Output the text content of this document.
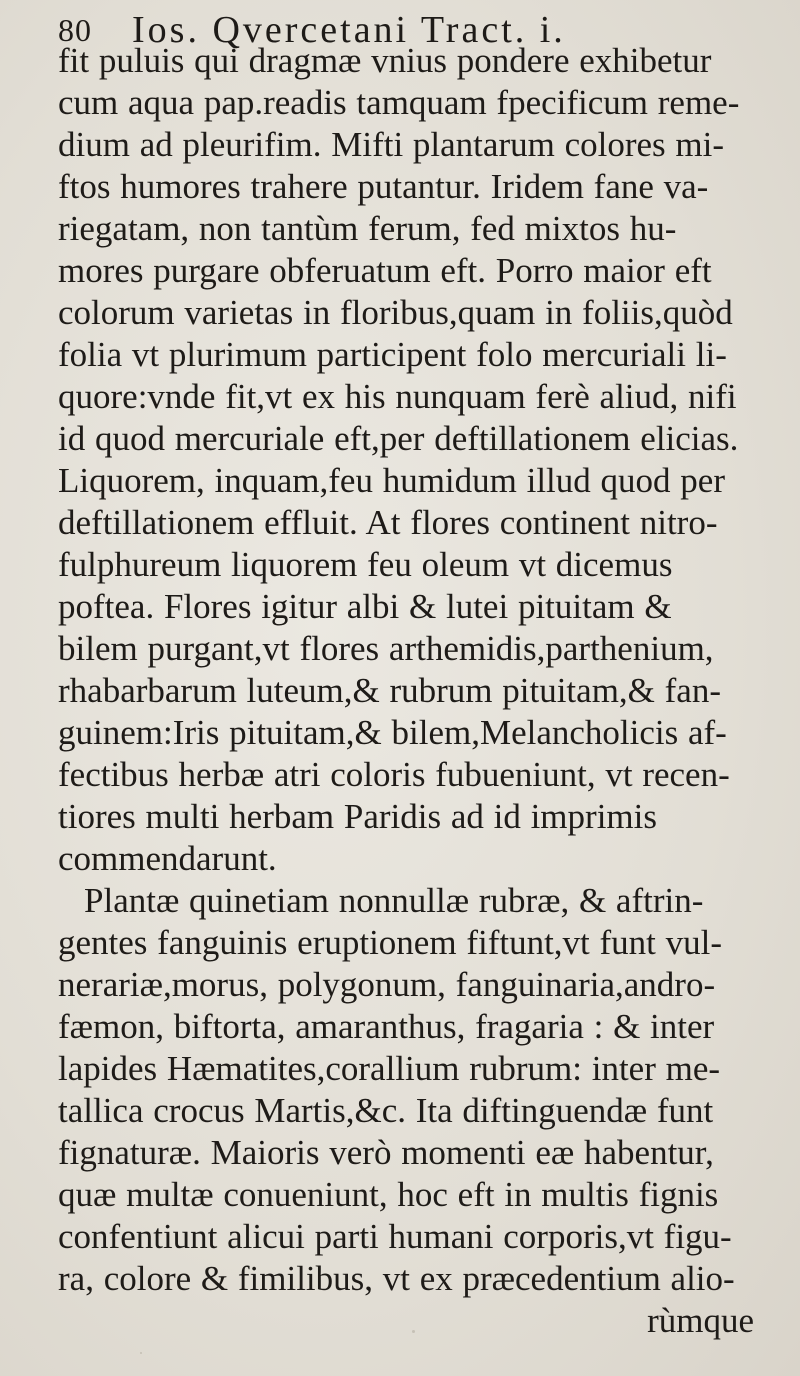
80 Ios. Qvercetani Tract. i.
fit puluis qui dragmæ vnius pondere exhibetur
cum aqua pap.readis tamquam fpecificum reme-
dium ad pleurifim. Mifti plantarum colores mi-
ftos humores trahere putantur. Iridem fane va-
riegatam, non tantùm ferum, fed mixtos hu-
mores purgare obferuatum eft. Porro maior eft
colorum varietas in floribus,quam in foliis,quòd
folia vt plurimum participent folo mercuriali li-
quore:vnde fit,vt ex his nunquam ferè aliud, nifi
id quod mercuriale eft,per deftillationem elicias.
Liquorem, inquam,feu humidum illud quod per
deftillationem effluit. At flores continent nitro-
fulphureum liquorem feu oleum vt dicemus
poftea. Flores igitur albi & lutei pituitam &
bilem purgant,vt flores arthemidis,parthenium,
rhabarbarum luteum,& rubrum pituitam,& fan-
guinem:Iris pituitam,& bilem,Melancholicis af-
fectibus herbæ atri coloris fubueniunt, vt recen-
tiores multi herbam Paridis ad id imprimis
commendarunt.
Plantæ quinetiam nonnullæ rubræ, & aftrin-
gentes fanguinis eruptionem fiftunt,vt funt vul-
nerariæ,morus, polygonum, fanguinaria,andro-
fæmon, biftorta, amaranthus, fragaria : & inter
lapides Hæmatites,corallium rubrum: inter me-
tallica crocus Martis,&c. Ita diftinguendæ funt
fignaturæ. Maioris verò momenti eæ habentur,
quæ multæ conueniunt, hoc eft in multis fignis
confentiunt alicui parti humani corporis,vt figu-
ra, colore & fimilibus, vt ex præcedentium alio-
rùmque
